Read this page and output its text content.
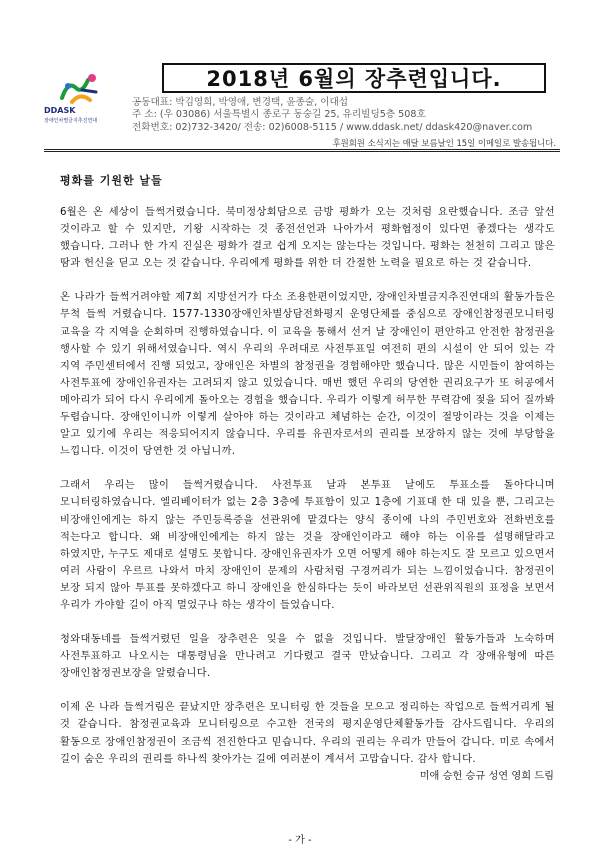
2018년 6월의 장추련입니다.
DDASK
장애인차별금지추진연대
공동대표: 박김영희, 박영애, 변경택, 윤종술, 이대섭
주 소: (우 03086) 서울특별시 종로구 동숭길 25, 유리빌딩5층 508호
전화번호: 02)732-3420/ 전송: 02)6008-5115 / www.ddask.net/ ddask420@naver.com
후원회원 소식지는 매달 보름날인 15일 이메일로 발송됩니다.

평화를 기원한 날들

6월은 온 세상이 들썩거렸습니다. 북미정상회담으로 금방 평화가 오는 것처럼 요란했습니다. 조금 앞선 것이라고 할 수 있지만, 기왕 시작하는 것 종전선언과 나아가서 평화협정이 있다면 좋겠다는 생각도 했습니다. 그러나 한 가지 진실은 평화가 결코 쉽게 오지는 않는다는 것입니다. 평화는 천천히 그리고 많은 땀과 헌신을 딛고 오는 것 같습니다. 우리에게 평화를 위한 더 간절한 노력을 필요로 하는 것 같습니다.

온 나라가 들썩거려야할 제7회 지방선거가 다소 조용한편이었지만, 장애인차별금지추진연대의 활동가들은 무척 들썩 거렸습니다. 1577-1330장애인차별상담전화평지 운영단체를 중심으로 장애인참정권모니터링 교육을 각 지역을 순회하며 진행하였습니다. 이 교육을 통해서 선거 날 장애인이 편안하고 안전한 참정권을 행사할 수 있기 위해서였습니다. 역시 우리의 우려대로 사전투표일 여전히 편의 시설이 안 되어 있는 각 지역 주민센터에서 진행 되었고, 장애인은 차별의 참정권을 경험해야만 했습니다. 많은 시민들이 참여하는 사전투표에 장애인유권자는 고려되지 않고 있었습니다. 매번 했던 우리의 당연한 권리요구가 또 허공에서 메아리가 되어 다시 우리에게 돌아오는 경험을 했습니다. 우리가 이렇게 허무한 무력감에 젖을 되어 질까봐 두렵습니다. 장애인이니까 이렇게 살아야 하는 것이라고 체념하는 순간, 이것이 절망이라는 것을 이제는 알고 있기에 우리는 적응되어지지 않습니다. 우리를 유권자로서의 권리를 보장하지 않는 것에 부당함을 느낍니다. 이것이 당연한 것 아닙니까.

그래서 우리는 많이 들썩거렸습니다. 사전투표 날과 본투표 날에도 투표소를 돌아다니며 모니터링하였습니다. 엘리베이터가 없는 2층 3층에 투표함이 있고 1층에 기표대 한 대 있을 뿐, 그리고는 비장애인에게는 하지 않는 주민등록증을 선관위에 맡겼다는 양식 종이에 나의 주민번호와 전화번호를 적는다고 합니다. 왜 비장애인에게는 하지 않는 것을 장애인이라고 해야 하는 이유를 설명해달라고 하였지만, 누구도 제대로 설명도 못합니다. 장애인유권자가 오면 어떻게 해야 하는지도 잘 모르고 있으면서 여러 사람이 우르르 나와서 마치 장애인이 문제의 사람처럼 구경꺼리가 되는 느낌이었습니다. 참정권이 보장 되지 않아 투표를 못하겠다고 하니 장애인을 한심하다는 듯이 바라보던 선관위직원의 표정을 보면서 우리가 가야할 길이 아직 멀었구나 하는 생각이 들었습니다.

청와대동네를 들썩거렸던 일을 장추련은 잊을 수 없을 것입니다. 발달장애인 활동가들과 노숙하며 사전투표하고 나오시는 대통령님을 만나려고 기다렸고 결국 만났습니다. 그리고 각 장애유형에 따른 장애인참정권보장을 알렸습니다.

이제 온 나라 들썩거림은 끝났지만 장추련은 모니터링 한 것들을 모으고 정리하는 작업으로 들썩거리게 될 것 같습니다. 참정권교육과 모니터링으로 수고한 전국의 평지운영단체활동가들 감사드립니다. 우리의 활동으로 장애인참정권이 조금씩 전진한다고 믿습니다. 우리의 권리는 우리가 만들어 갑니다. 미로 속에서 길이 숨은 우리의 권리를 하나씩 찾아가는 길에 여러분이 계셔서 고맙습니다. 감사 합니다.

미애 승헌 승규 성연 영희 드림
- 가 -
